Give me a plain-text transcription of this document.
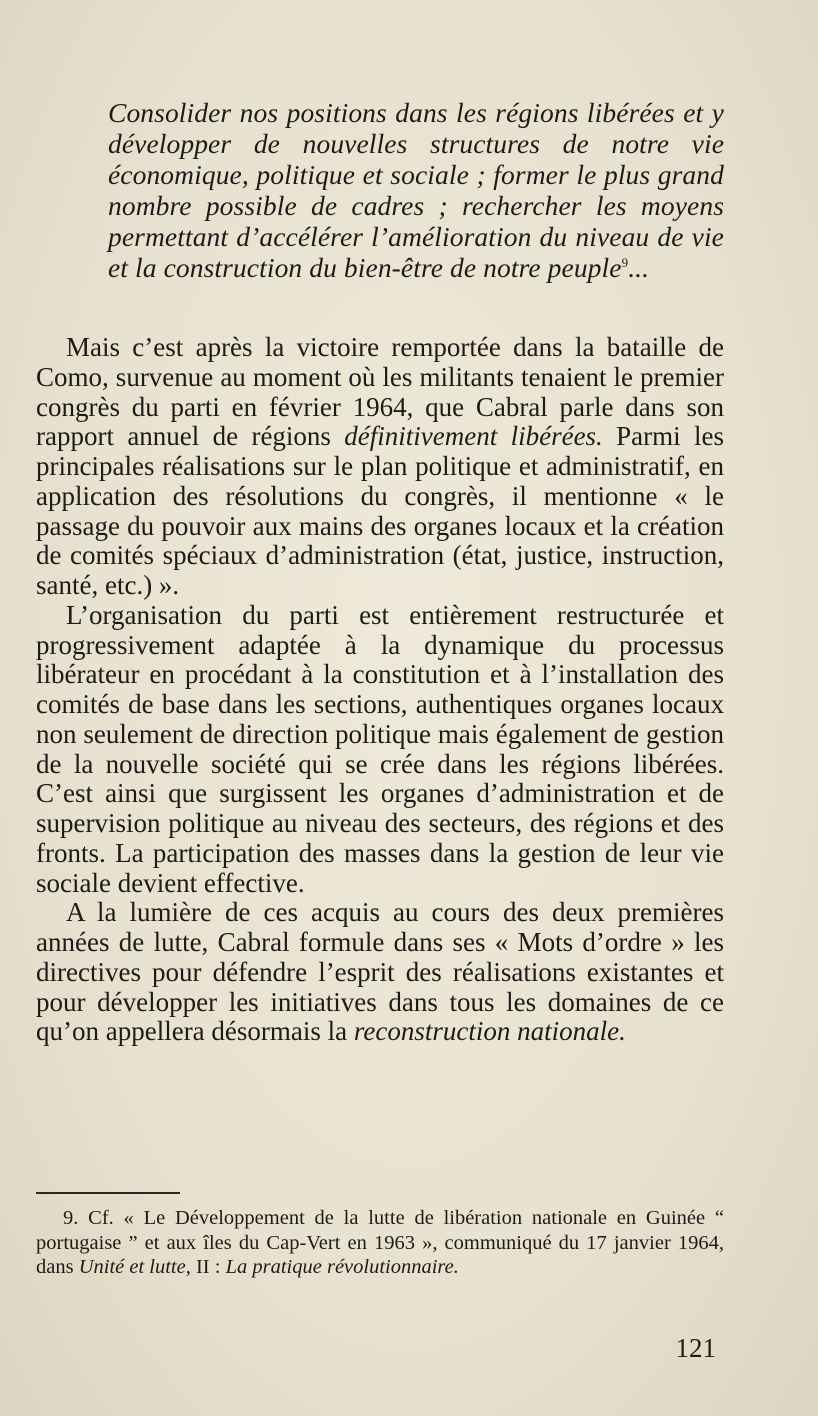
Consolider nos positions dans les régions libérées et y développer de nouvelles structures de notre vie économique, politique et sociale ; former le plus grand nombre possible de cadres ; rechercher les moyens permettant d’accélérer l’amélioration du niveau de vie et la construction du bien-être de notre peuple$^9$...

Mais c’est après la victoire remportée dans la bataille de Como, survenue au moment où les militants tenaient le premier congrès du parti en février 1964, que Cabral parle dans son rapport annuel de régions définitivement libérées. Parmi les principales réalisations sur le plan politique et administratif, en application des résolutions du congrès, il mentionne « le passage du pouvoir aux mains des organes locaux et la création de comités spéciaux d’administration (état, justice, instruction, santé, etc.) ».

L’organisation du parti est entièrement restructurée et progressivement adaptée à la dynamique du processus libérateur en procédant à la constitution et à l’installation des comités de base dans les sections, authentiques organes locaux non seulement de direction politique mais également de gestion de la nouvelle société qui se crée dans les régions libérées. C’est ainsi que surgissent les organes d’administration et de supervision politique au niveau des secteurs, des régions et des fronts. La participation des masses dans la gestion de leur vie sociale devient effective.

A la lumière de ces acquis au cours des deux premières années de lutte, Cabral formule dans ses « Mots d’ordre » les directives pour défendre l’esprit des réalisations existantes et pour développer les initiatives dans tous les domaines de ce qu’on appellera désormais la reconstruction nationale.

9. Cf. « Le Développement de la lutte de libération nationale en Guinée “ portugaise ” et aux îles du Cap-Vert en 1963 », communiqué du 17 janvier 1964, dans Unité et lutte, II : La pratique révolutionnaire.

121
